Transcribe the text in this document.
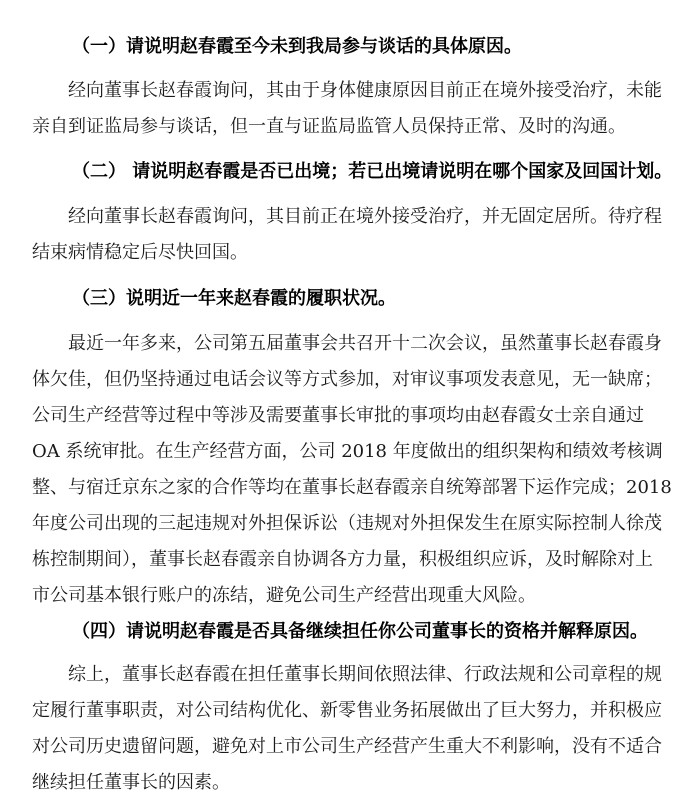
（一）请说明赵春霞至今未到我局参与谈话的具体原因。
经向董事长赵春霞询问，其由于身体健康原因目前正在境外接受治疗，未能
亲自到证监局参与谈话，但一直与证监局监管人员保持正常、及时的沟通。
（二） 请说明赵春霞是否已出境；若已出境请说明在哪个国家及回国计划。
经向董事长赵春霞询问，其目前正在境外接受治疗，并无固定居所。待疗程
结束病情稳定后尽快回国。
（三）说明近一年来赵春霞的履职状况。
最近一年多来，公司第五届董事会共召开十二次会议，虽然董事长赵春霞身
体欠佳，但仍坚持通过电话会议等方式参加，对审议事项发表意见，无一缺席；
公司生产经营等过程中等涉及需要董事长审批的事项均由赵春霞女士亲自通过
OA 系统审批。在生产经营方面，公司 2018 年度做出的组织架构和绩效考核调
整、与宿迁京东之家的合作等均在董事长赵春霞亲自统筹部署下运作完成；2018
年度公司出现的三起违规对外担保诉讼（违规对外担保发生在原实际控制人徐茂
栋控制期间），董事长赵春霞亲自协调各方力量，积极组织应诉，及时解除对上
市公司基本银行账户的冻结，避免公司生产经营出现重大风险。
（四）请说明赵春霞是否具备继续担任你公司董事长的资格并解释原因。
综上，董事长赵春霞在担任董事长期间依照法律、行政法规和公司章程的规
定履行董事职责，对公司结构优化、新零售业务拓展做出了巨大努力，并积极应
对公司历史遗留问题，避免对上市公司生产经营产生重大不利影响，没有不适合
继续担任董事长的因素。
